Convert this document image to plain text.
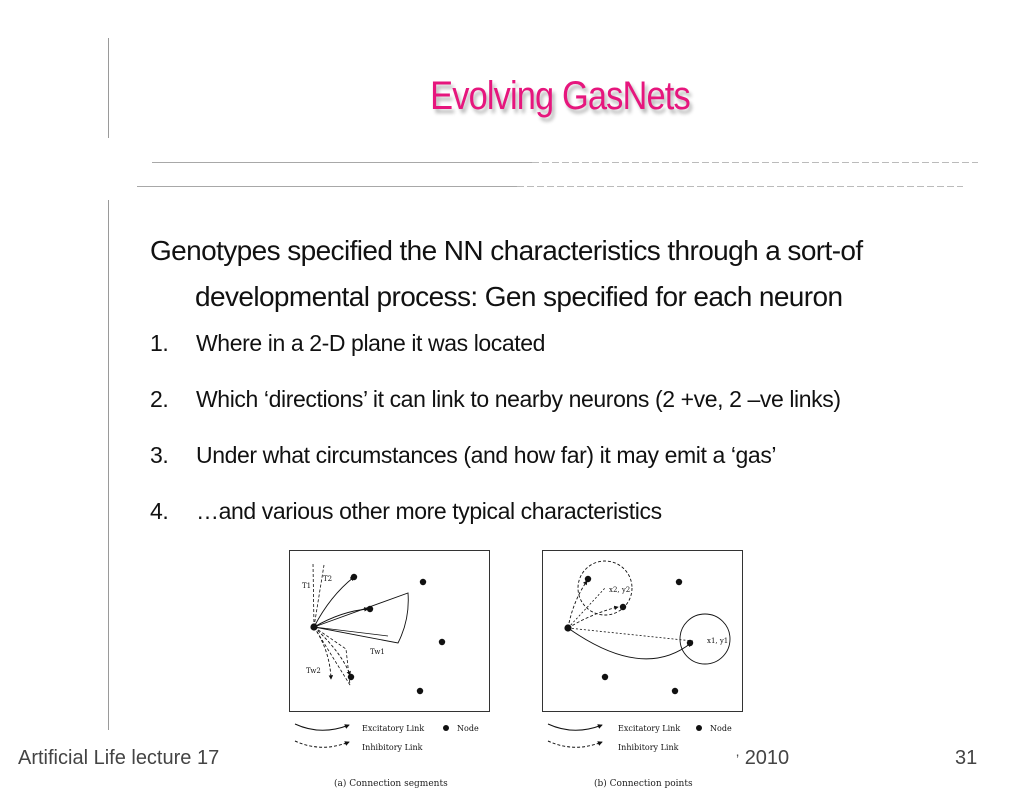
Evolving GasNets
Genotypes specified the NN characteristics through a sort-of
developmental process: Gen specified for each neuron
1.	Where in a 2-D plane it was located
2.	Which ‘directions’ it can link to nearby neurons (2 +ve, 2 –ve links)
3.	Under what circumstances (and how far) it may emit a ‘gas’
4.	…and various other more typical characteristics
T1
T2
Tw1
Tw2
Excitatory Link
Inhibitory Link
Node
(a) Connection segments
x1, y1
x2, y2
Excitatory Link
Inhibitory Link
Node
(b) Connection points
Artificial Life lecture 17	’ 2010	31
